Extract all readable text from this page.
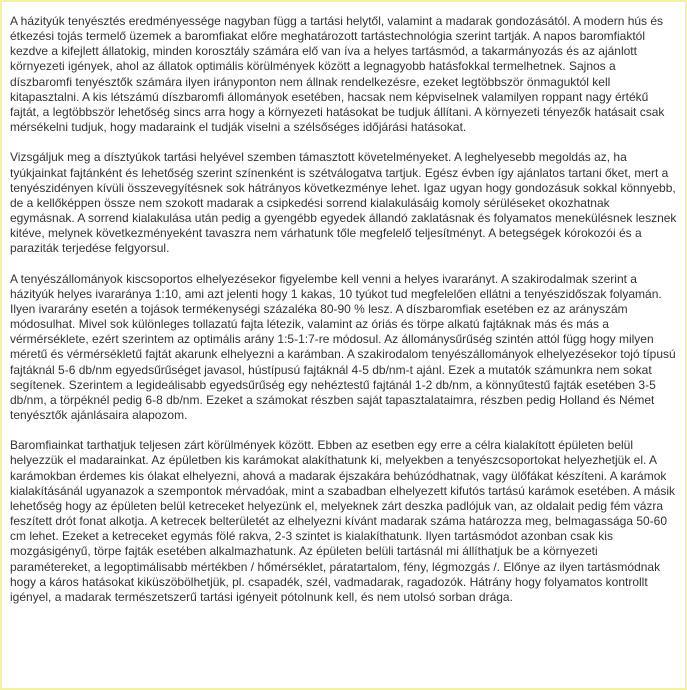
A házityúk tenyésztés eredményessége nagyban függ a tartási helytől, valamint a madarak gondozásától. A modern hús és étkezési tojás termelő üzemek a baromfiakat előre meghatározott tartástechnológia szerint tartják. A napos baromfiaktól kezdve a kifejlett állatokig, minden korosztály számára elő van íva a helyes tartásmód, a takarmányozás és az ajánlott környezeti igények, ahol az állatok optimális körülmények között a legnagyobb hatásfokkal termelhetnek. Sajnos a díszbaromfi tenyésztők számára ilyen irányponton nem állnak rendelkezésre, ezeket legtöbbször önmaguktól kell kitapasztalni. A kis létszámú díszbaromfi állományok esetében, hacsak nem képviselnek valamilyen roppant nagy értékű fajtát, a legtöbbször lehetőség sincs arra hogy a környezeti hatásokat be tudjuk állítani. A környezeti tényezők hatásait csak mérsékelni tudjuk, hogy madaraink el tudják viselni a szélsőséges időjárási hatásokat.

Vizsgáljuk meg a dísztyúkok tartási helyével szemben támasztott követelményeket. A leghelyesebb megoldás az, ha tyúkjainkat fajtánként és lehetőség szerint színenként is szétválogatva tartjuk. Egész évben így ajánlatos tartani őket, mert a tenyészidényen kívüli összevegyítésnek sok hátrányos következménye lehet. Igaz ugyan hogy gondozásuk sokkal könnyebb, de a kellőképpen össze nem szokott madarak a csipkedési sorrend kialakulásáig komoly sérüléseket okozhatnak egymásnak. A sorrend kialakulása után pedig a gyengébb egyedek állandó zaklatásnak és folyamatos menekülésnek lesznek kitéve, melynek következményeként tavaszra nem várhatunk tőle megfelelő teljesítményt. A betegségek kórokozói és a paraziták terjedése felgyorsul.

A tenyészállományok kiscsoportos elhelyezésekor figyelembe kell venni a helyes ivararányt. A szakirodalmak szerint a házityúk helyes ivararánya 1:10, ami azt jelenti hogy 1 kakas, 10 tyúkot tud megfelelően ellátni a tenyészidőszak folyamán. Ilyen ivararány esetén a tojások termékenységi százaléka 80-90 % lesz. A díszbaromfiak esetében ez az arányszám módosulhat. Mivel sok különleges tollazatú fajta létezik, valamint az óriás és törpe alkatú fajtáknak más és más a vérmérséklete, ezért szerintem az optimális arány 1:5-1:7-re módosul. Az állománysűrűség szintén attól függ hogy milyen méretű és vérmérsékletű fajtát akarunk elhelyezni a karámban. A szakirodalom tenyészállományok elhelyezésekor tojó típusú fajtáknál 5-6 db/nm egyedsűrűséget javasol, hústípusú fajtáknál 4-5 db/nm-t ajánl. Ezek a mutatók számunkra nem sokat segítenek. Szerintem a legideálisabb egyedsűrűség egy nehéztestű fajtánál 1-2 db/nm, a könnyűtestű fajták esetében 3-5 db/nm, a törpéknél pedig 6-8 db/nm. Ezeket a számokat részben saját tapasztalataimra, részben pedig Holland és Német tenyésztők ajánlásaira alapozom.

Baromfiainkat tarthatjuk teljesen zárt körülmények között. Ebben az esetben egy erre a célra kialakított épületen belül helyezzük el madarainkat. Az épületben kis karámokat alakíthatunk ki, melyekben a tenyészcsoportokat helyezhetjük el. A karámokban érdemes kis ólakat elhelyezni, ahová a madarak éjszakára behúzódhatnak, vagy ülőfákat készíteni. A karámok kialakításánál ugyanazok a szempontok mérvadóak, mint a szabadban elhelyezett kifutós tartású karámok esetében. A másik lehetőség hogy az épületen belül ketreceket helyezünk el, melyeknek zárt deszka padlójuk van, az oldalait pedig fém vázra feszített drót fonat alkotja. A ketrecek belterületét az elhelyezni kívánt madarak száma határozza meg, belmagassága 50-60 cm lehet. Ezeket a ketreceket egymás fölé rakva, 2-3 szintet is kialakíthatunk. Ilyen tartásmódot azonban csak kis mozgásigényű, törpe fajták esetében alkalmazhatunk. Az épületen belüli tartásnál mi állíthatjuk be a környezeti paramétereket, a legoptimálisabb mértékben / hőmérséklet, páratartalom, fény, légmozgás /. Előnye az ilyen tartásmódnak hogy a káros hatásokat kiküszöbölhetjük, pl. csapadék, szél, vadmadarak, ragadozók. Hátrány hogy folyamatos kontrollt igényel, a madarak természetszerű tartási igényeit pótolnunk kell, és nem utolsó sorban drága.
